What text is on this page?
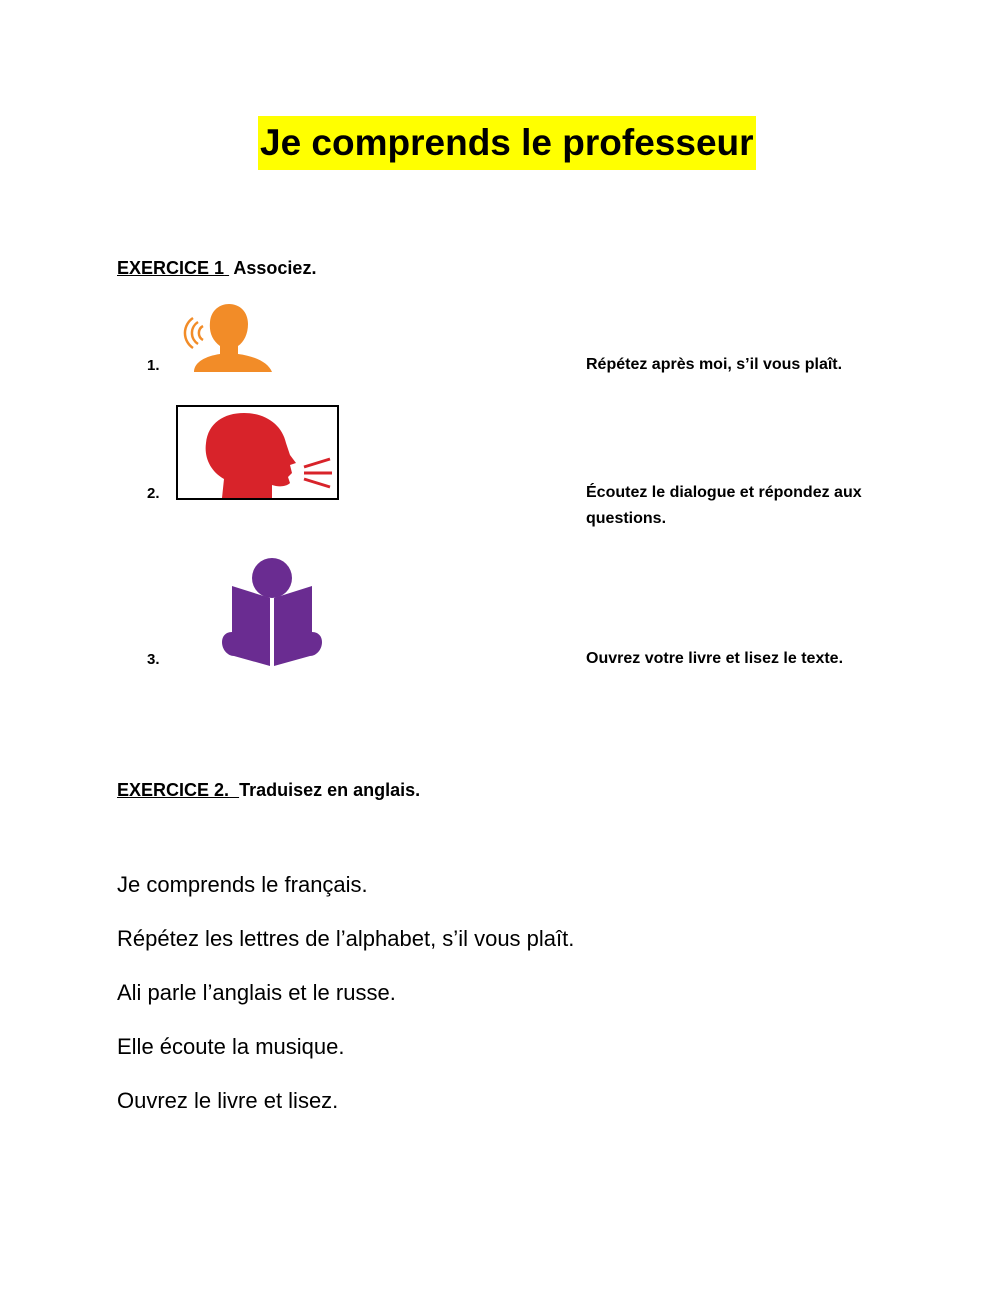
Je comprends le professeur
EXERCICE 1 Associez.
1.	Répétez après moi, s’il vous plaît.
2.	Écoutez le dialogue et répondez aux questions.
3.	Ouvrez votre livre et lisez le texte.
EXERCICE 2. Traduisez en anglais.
Je comprends le français.
Répétez les lettres de l’alphabet, s’il vous plaît.
Ali parle l’anglais et le russe.
Elle écoute la musique.
Ouvrez le livre et lisez.
